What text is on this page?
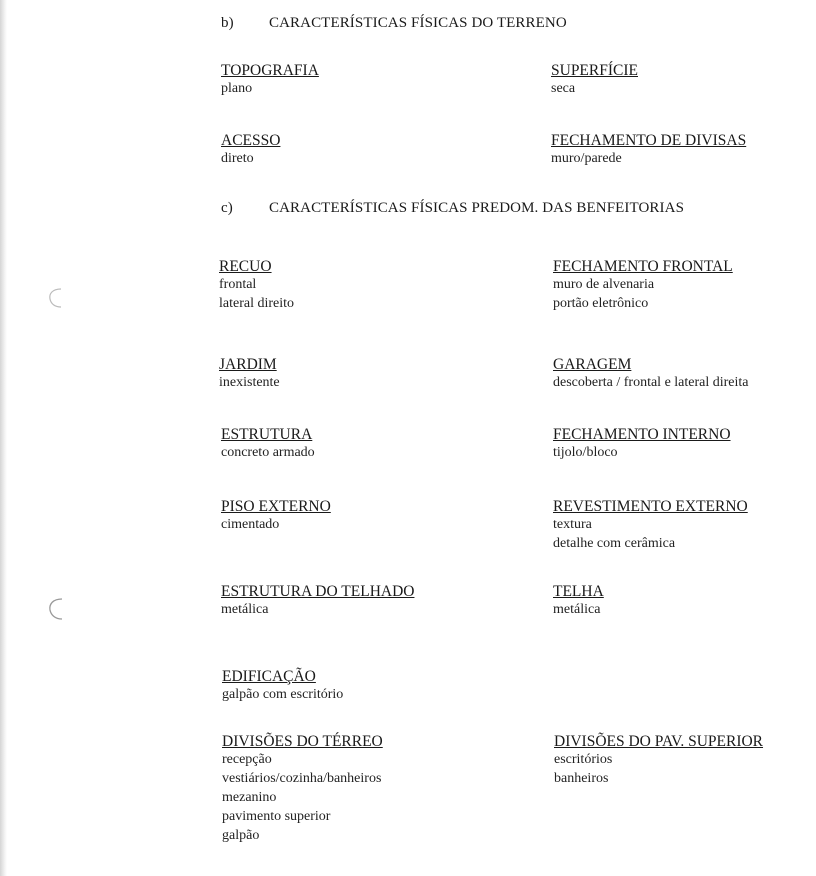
b) CARACTERÍSTICAS FÍSICAS DO TERRENO
c) CARACTERÍSTICAS FÍSICAS PREDOM. DAS BENFEITORIAS
TOPOGRAFIA
plano
SUPERFÍCIE
seca
ACESSO
direto
FECHAMENTO DE DIVISAS
muro/parede
RECUO
frontal
lateral direito
FECHAMENTO FRONTAL
muro de alvenaria
portão eletrônico
JARDIM
inexistente
GARAGEM
descoberta / frontal e lateral direita
ESTRUTURA
concreto armado
FECHAMENTO INTERNO
tijolo/bloco
PISO EXTERNO
cimentado
REVESTIMENTO EXTERNO
textura
detalhe com cerâmica
ESTRUTURA DO TELHADO
metálica
TELHA
metálica
EDIFICAÇÃO
galpão com escritório
DIVISÕES DO TÉRREO
recepção
vestiários/cozinha/banheiros
mezanino
pavimento superior
galpão
DIVISÕES DO PAV. SUPERIOR
escritórios
banheiros
